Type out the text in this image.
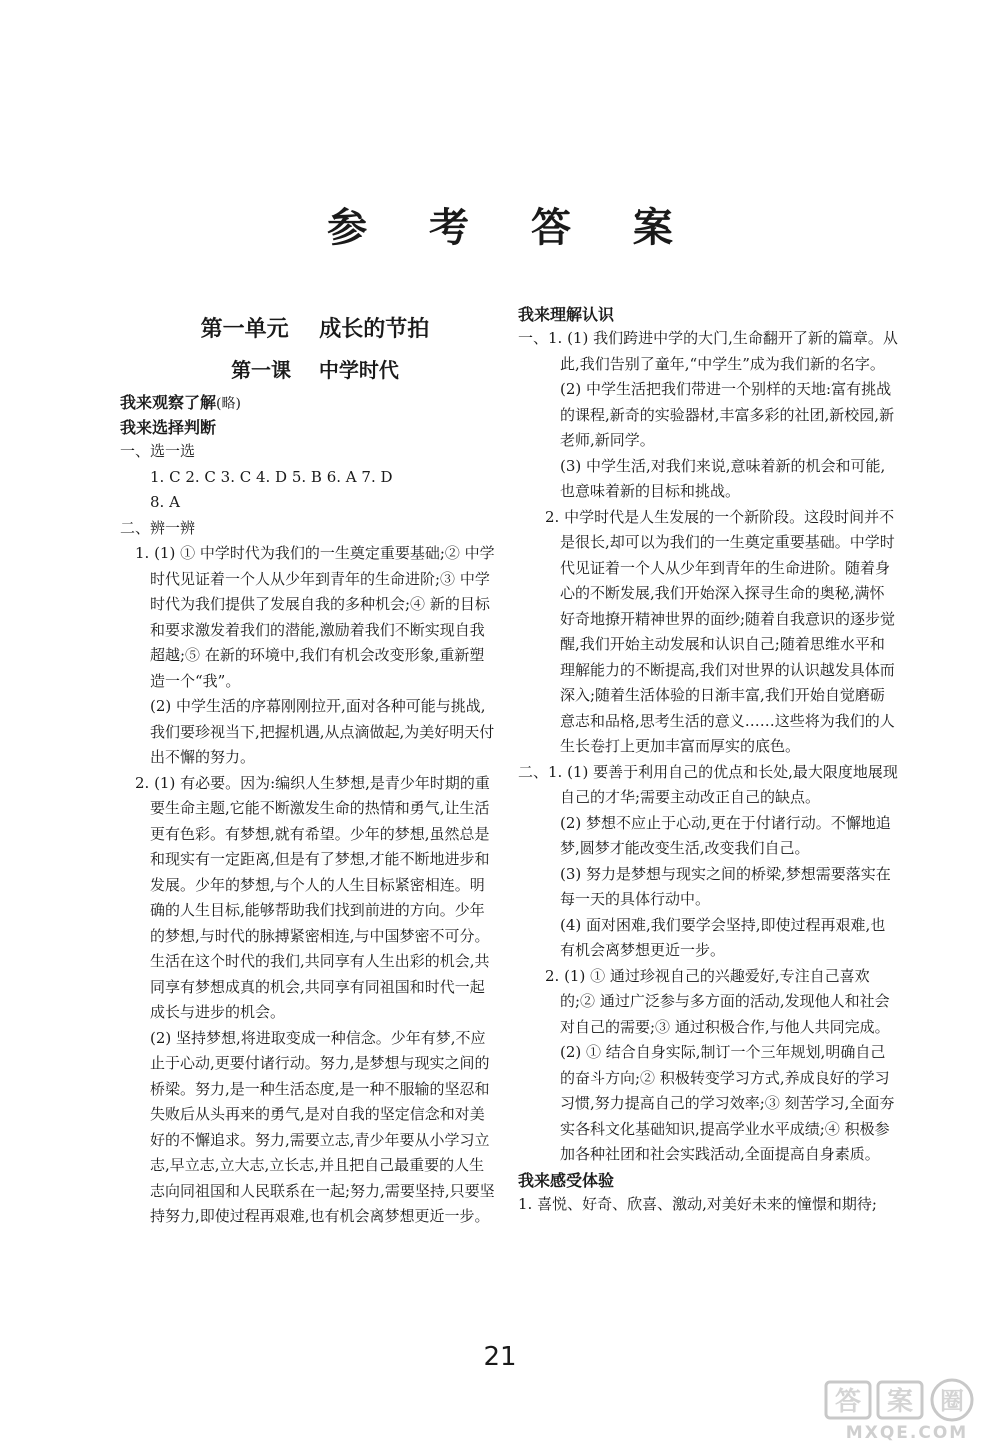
参 考 答 案
第一单元    成长的节拍
第一课    中学时代
我来观察了解(略)
我来选择判断
一、选一选
1. C 2. C 3. C 4. D 5. B 6. A 7. D
8. A
二、辨一辨

1. (1) ① 中学时代为我们的一生奠定重要基础;② 中学时代见证着一个人从少年到青年的生命进阶;③ 中学时代为我们提供了发展自我的多种机会;④ 新的目标和要求激发着我们的潜能,激励着我们不断实现自我超越;⑤ 在新的环境中,我们有机会改变形象,重新塑造一个“我”。

(2) 中学生活的序幕刚刚拉开,面对各种可能与挑战,我们要珍视当下,把握机遇,从点滴做起,为美好明天付出不懈的努力。

2. (1) 有必要。因为:编织人生梦想,是青少年时期的重要生命主题,它能不断激发生命的热情和勇气,让生活更有色彩。有梦想,就有希望。少年的梦想,虽然总是和现实有一定距离,但是有了梦想,才能不断地进步和发展。少年的梦想,与个人的人生目标紧密相连。明确的人生目标,能够帮助我们找到前进的方向。少年的梦想,与时代的脉搏紧密相连,与中国梦密不可分。生活在这个时代的我们,共同享有人生出彩的机会,共同享有梦想成真的机会,共同享有同祖国和时代一起成长与进步的机会。

(2) 坚持梦想,将进取变成一种信念。少年有梦,不应止于心动,更要付诸行动。努力,是梦想与现实之间的桥梁。努力,是一种生活态度,是一种不服输的坚忍和失败后从头再来的勇气,是对自我的坚定信念和对美好的不懈追求。努力,需要立志,青少年要从小学习立志,早立志,立大志,立长志,并且把自己最重要的人生志向同祖国和人民联系在一起;努力,需要坚持,只要坚持努力,即使过程再艰难,也有机会离梦想更近一步。

我来理解认识

一、1. (1) 我们跨进中学的大门,生命翻开了新的篇章。从此,我们告别了童年,“中学生”成为我们新的名字。(2) 中学生活把我们带进一个别样的天地:富有挑战的课程,新奇的实验器材,丰富多彩的社团,新校园,新老师,新同学。

(3) 中学生活,对我们来说,意味着新的机会和可能,也意味着新的目标和挑战。

2. 中学时代是人生发展的一个新阶段。这段时间并不是很长,却可以为我们的一生奠定重要基础。中学时代见证着一个人从少年到青年的生命进阶。随着身心的不断发展,我们开始深入探寻生命的奥秘,满怀好奇地撩开精神世界的面纱;随着自我意识的逐步觉醒,我们开始主动发展和认识自己;随着思维水平和理解能力的不断提高,我们对世界的认识越发具体而深入;随着生活体验的日渐丰富,我们开始自觉磨砺意志和品格,思考生活的意义……这些将为我们的人生长卷打上更加丰富而厚实的底色。

二、1. (1) 要善于利用自己的优点和长处,最大限度地展现自己的才华;需要主动改正自己的缺点。

(2) 梦想不应止于心动,更在于付诸行动。不懈地追梦,圆梦才能改变生活,改变我们自己。

(3) 努力是梦想与现实之间的桥梁,梦想需要落实在每一天的具体行动中。

(4) 面对困难,我们要学会坚持,即使过程再艰难,也有机会离梦想更近一步。

2. (1) ① 通过珍视自己的兴趣爱好,专注自己喜欢的;② 通过广泛参与多方面的活动,发现他人和社会对自己的需要;③ 通过积极合作,与他人共同完成。

(2) ① 结合自身实际,制订一个三年规划,明确自己的奋斗方向;② 积极转变学习方式,养成良好的学习习惯,努力提高自己的学习效率;③ 刻苦学习,全面夯实各科文化基础知识,提高学业水平成绩;④ 积极参加各种社团和社会实践活动,全面提高自身素质。

我来感受体验
1. 喜悦、好奇、欣喜、激动,对美好未来的憧憬和期待;
21
答 案 圈
MXQE.COM
